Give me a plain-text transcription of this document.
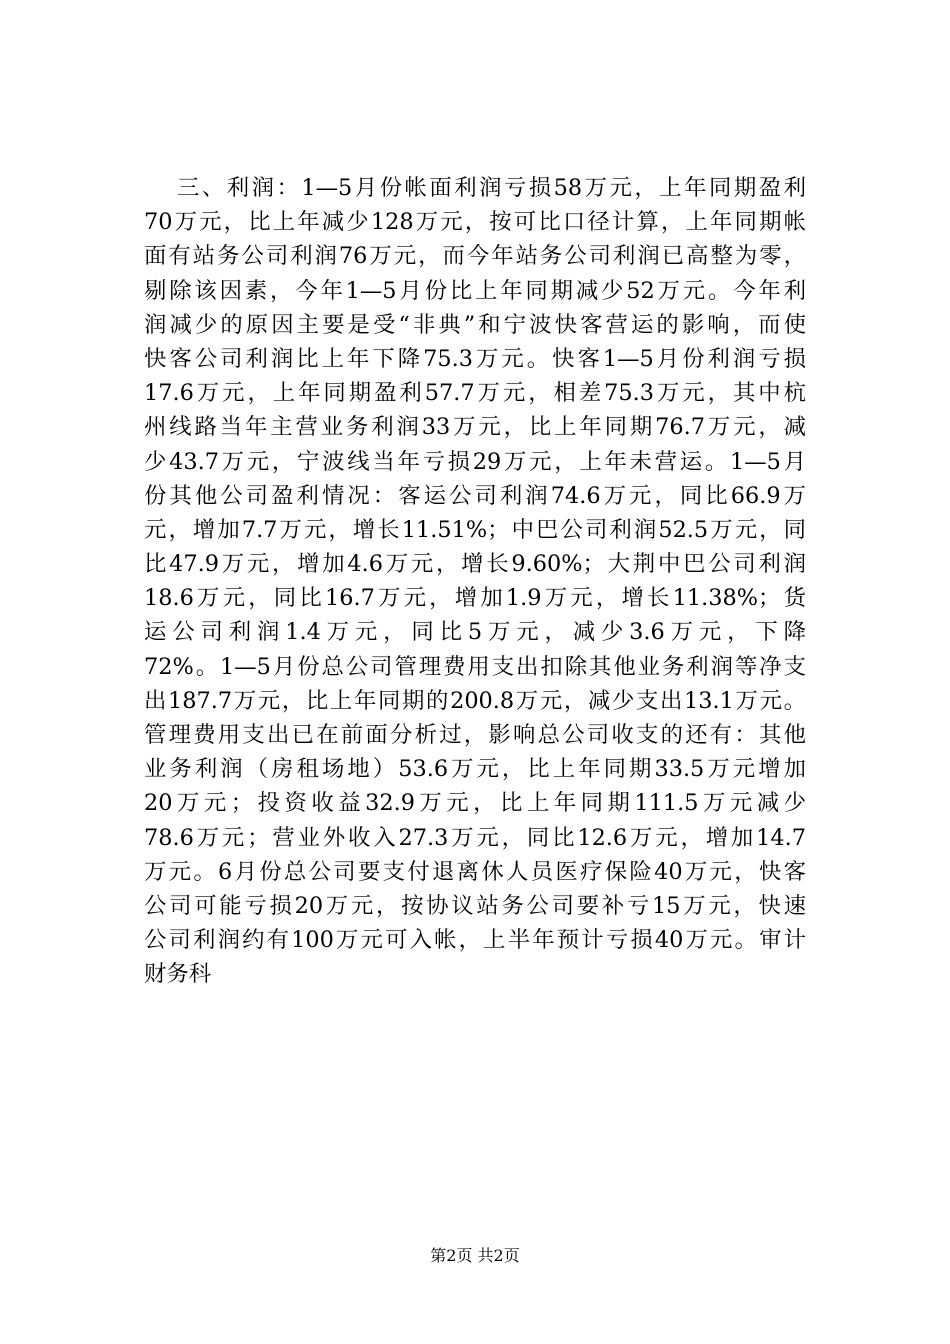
三、利润：1—5月份帐面利润亏损58万元，上年同期盈利
70万元，比上年减少128万元，按可比口径计算，上年同期帐
面有站务公司利润76万元，而今年站务公司利润已高整为零，
剔除该因素，今年1—5月份比上年同期减少52万元。今年利
润减少的原因主要是受“非典”和宁波快客营运的影响，而使
快客公司利润比上年下降75.3万元。快客1—5月份利润亏损
17.6万元，上年同期盈利57.7万元，相差75.3万元，其中杭
州线路当年主营业务利润33万元，比上年同期76.7万元，减
少43.7万元，宁波线当年亏损29万元，上年未营运。1—5月
份其他公司盈利情况：客运公司利润74.6万元，同比66.9万
元，增加7.7万元，增长11.51%；中巴公司利润52.5万元，同
比47.9万元，增加4.6万元，增长9.60%；大荆中巴公司利润
18.6万元，同比16.7万元，增加1.9万元，增长11.38%；货
运公司利润1.4万元，同比5万元，减少3.6万元，下降
72%。1—5月份总公司管理费用支出扣除其他业务利润等净支
出187.7万元，比上年同期的200.8万元，减少支出13.1万元。
管理费用支出已在前面分析过，影响总公司收支的还有：其他
业务利润（房租场地）53.6万元，比上年同期33.5万元增加
20万元；投资收益32.9万元，比上年同期111.5万元减少
78.6万元；营业外收入27.3万元，同比12.6万元，增加14.7
万元。6月份总公司要支付退离休人员医疗保险40万元，快客
公司可能亏损20万元，按协议站务公司要补亏15万元，快速
公司利润约有100万元可入帐，上半年预计亏损40万元。审计
财务科
第2页 共2页
